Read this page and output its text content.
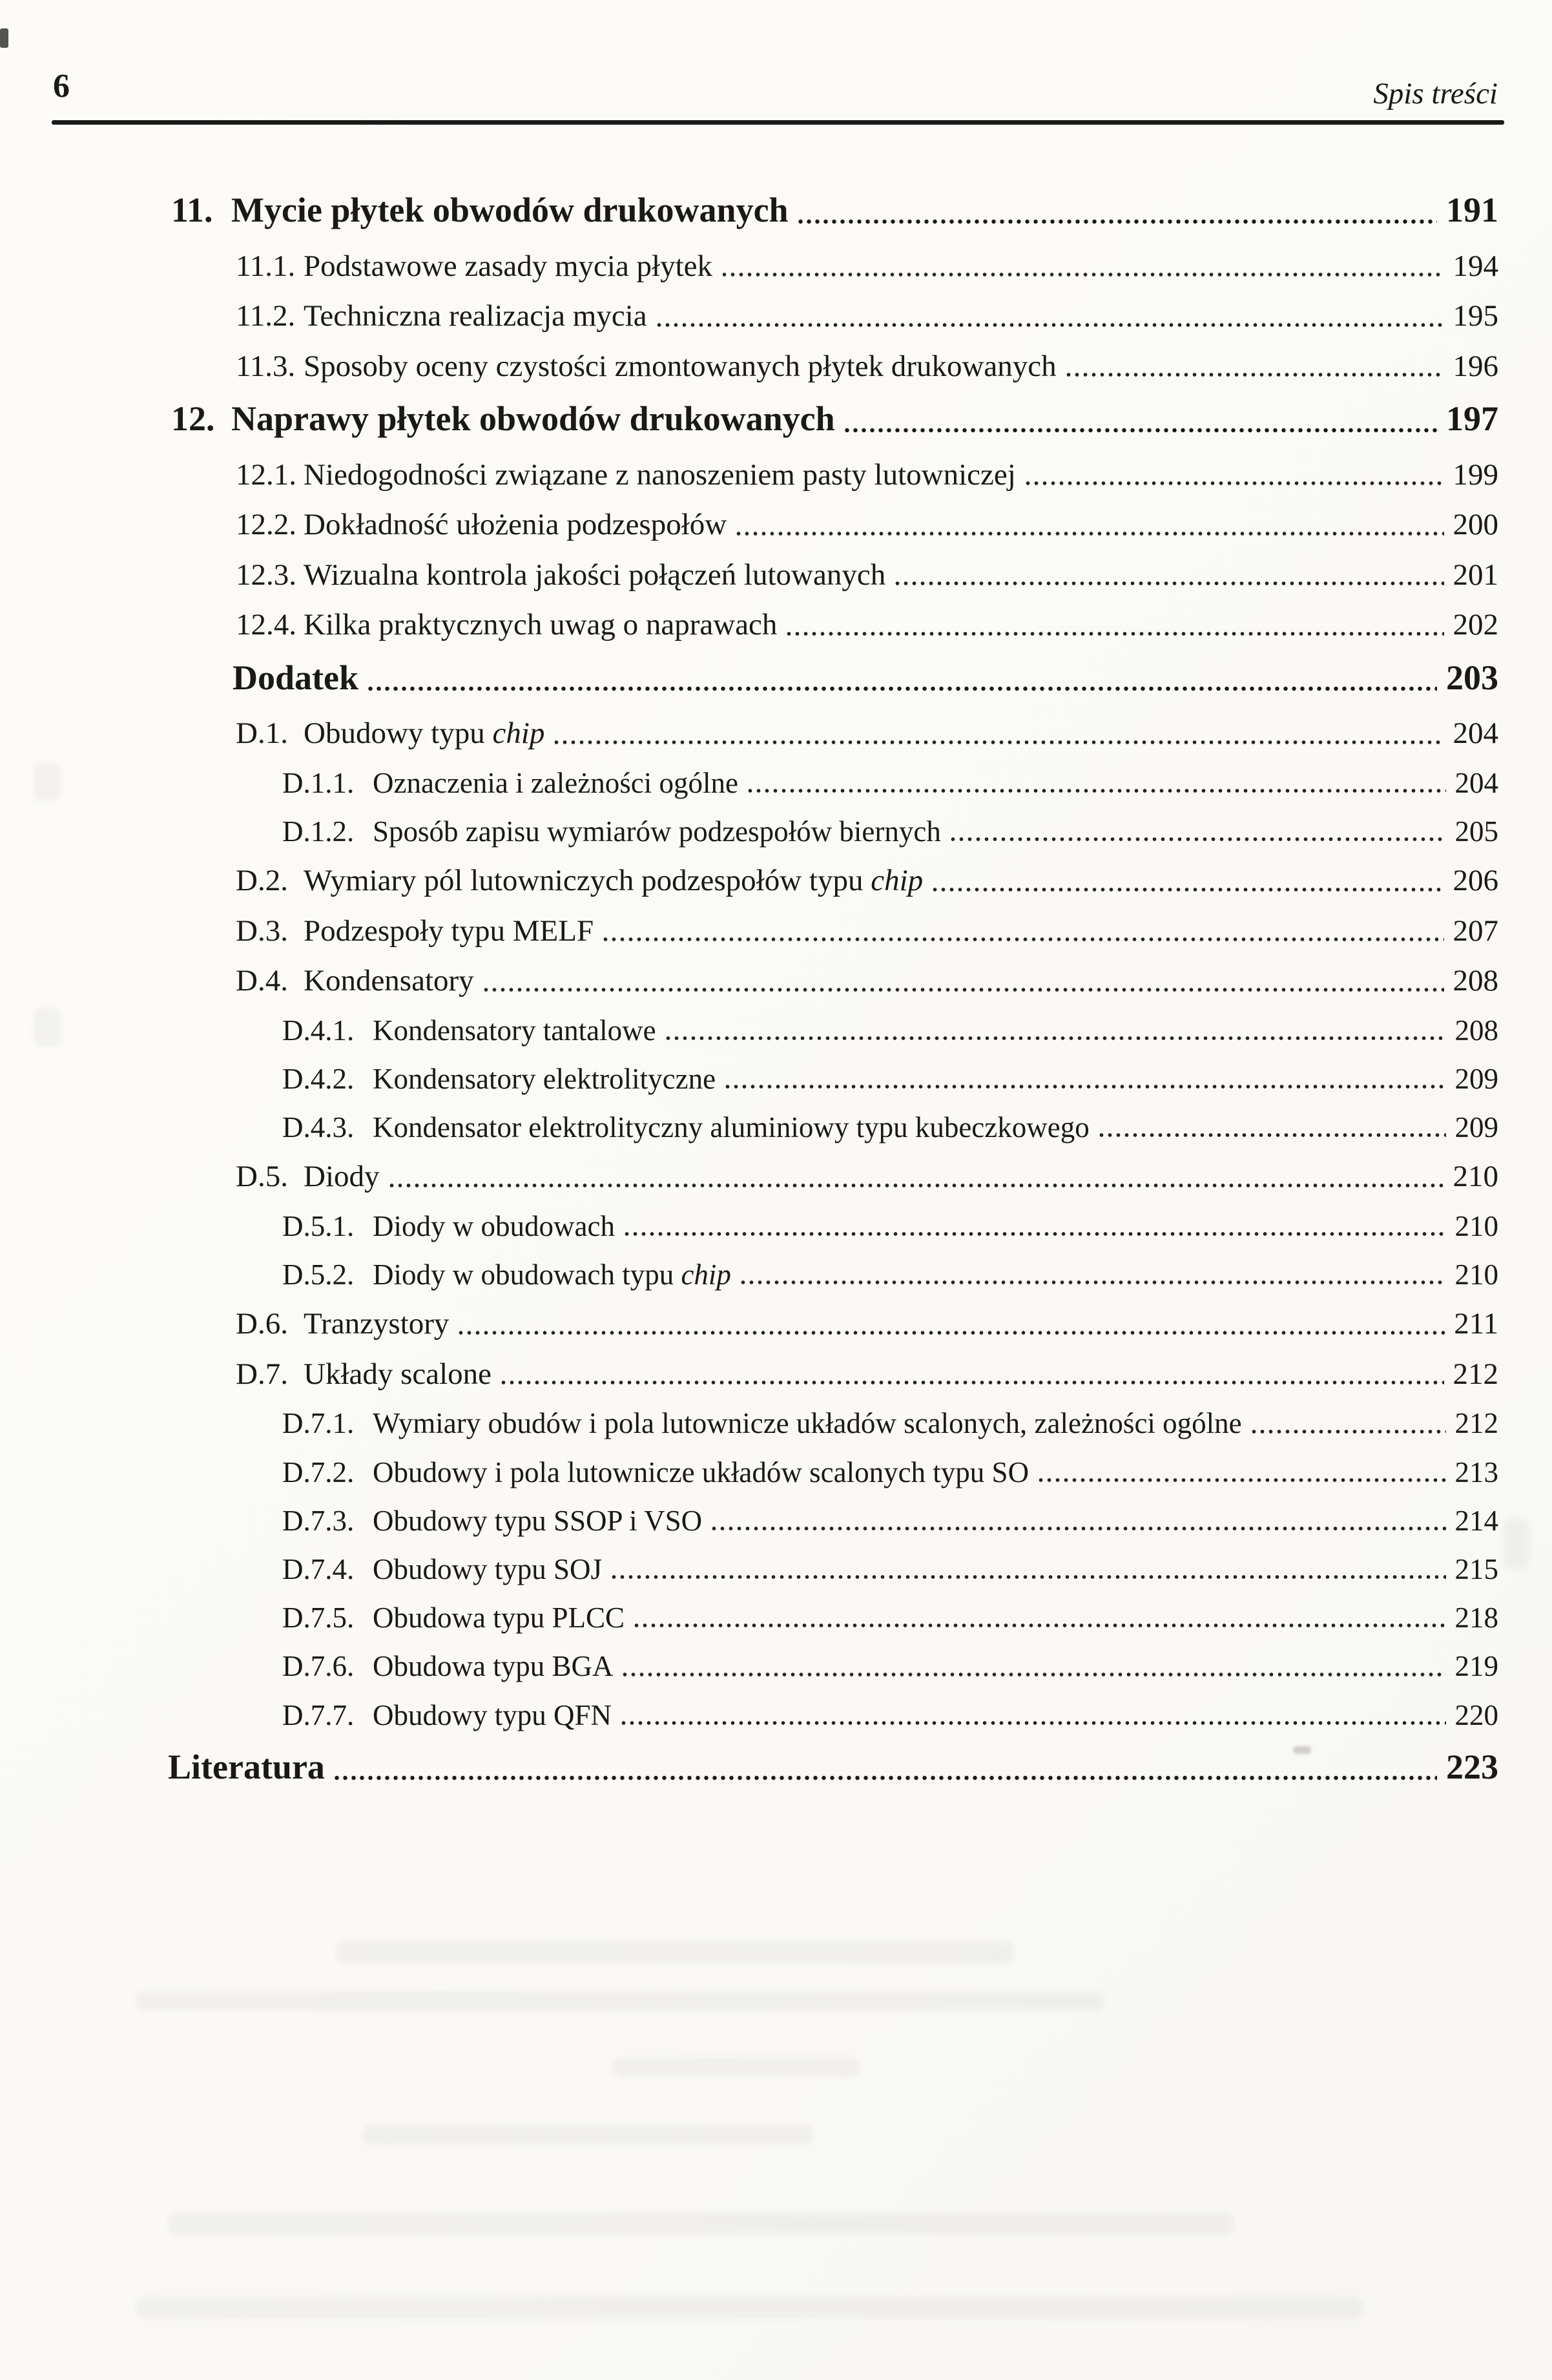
6	Spis treści
11. Mycie płytek obwodów drukowanych	191
11.1. Podstawowe zasady mycia płytek	194
11.2. Techniczna realizacja mycia	195
11.3. Sposoby oceny czystości zmontowanych płytek drukowanych	196
12. Naprawy płytek obwodów drukowanych	197
12.1. Niedogodności związane z nanoszeniem pasty lutowniczej	199
12.2. Dokładność ułożenia podzespołów	200
12.3. Wizualna kontrola jakości połączeń lutowanych	201
12.4. Kilka praktycznych uwag o naprawach	202
Dodatek	203
D.1. Obudowy typu chip	204
D.1.1. Oznaczenia i zależności ogólne	204
D.1.2. Sposób zapisu wymiarów podzespołów biernych	205
D.2. Wymiary pól lutowniczych podzespołów typu chip	206
D.3. Podzespoły typu MELF	207
D.4. Kondensatory	208
D.4.1. Kondensatory tantalowe	208
D.4.2. Kondensatory elektrolityczne	209
D.4.3. Kondensator elektrolityczny aluminiowy typu kubeczkowego	209
D.5. Diody	210
D.5.1. Diody w obudowach	210
D.5.2. Diody w obudowach typu chip	210
D.6. Tranzystory	211
D.7. Układy scalone	212
D.7.1. Wymiary obudów i pola lutownicze układów scalonych, zależności ogólne	212
D.7.2. Obudowy i pola lutownicze układów scalonych typu SO	213
D.7.3. Obudowy typu SSOP i VSO	214
D.7.4. Obudowy typu SOJ	215
D.7.5. Obudowa typu PLCC	218
D.7.6. Obudowa typu BGA	219
D.7.7. Obudowy typu QFN	220
Literatura	223
